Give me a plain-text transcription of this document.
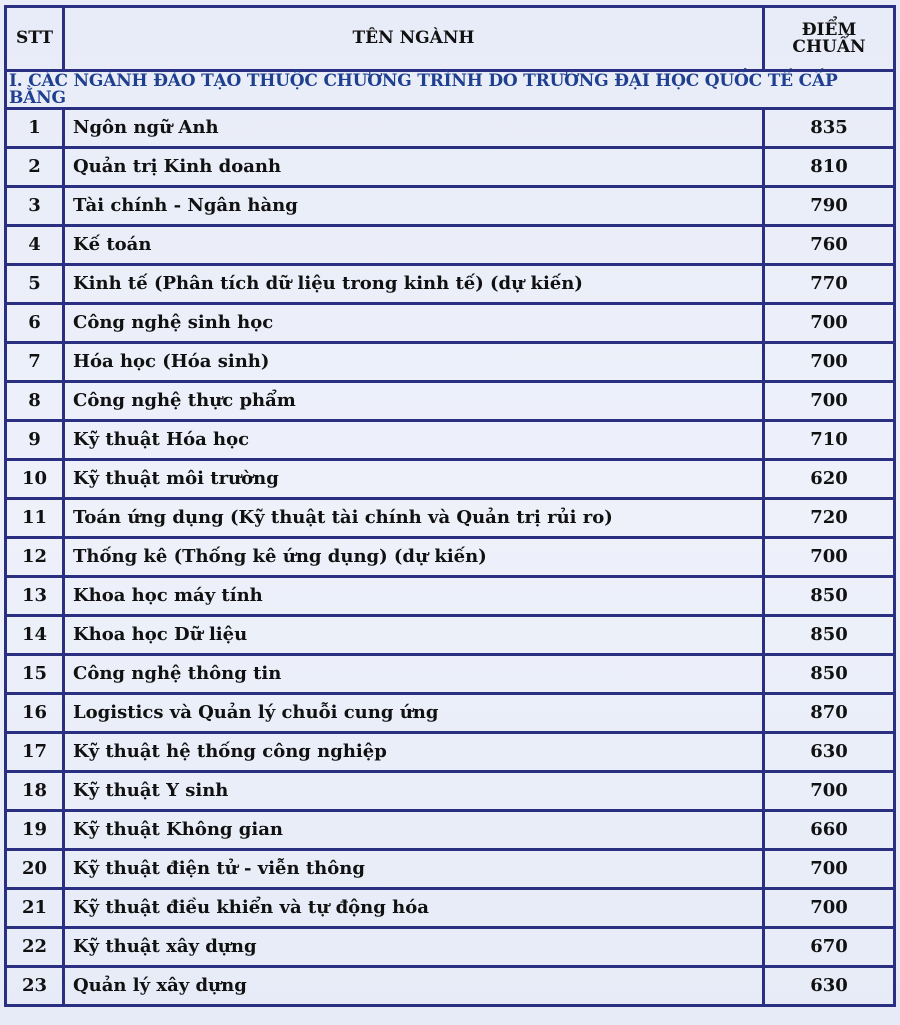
STT	TÊN NGÀNH	ĐIỂM CHUẨN
I. CÁC NGÀNH ĐÀO TẠO THUỘC CHƯƠNG TRÌNH DO TRƯỜNG ĐẠI HỌC QUỐC TẾ CẤP BẰNG		
1	Ngôn ngữ Anh	835
2	Quản trị Kinh doanh	810
3	Tài chính - Ngân hàng	790
4	Kế toán	760
5	Kinh tế (Phân tích dữ liệu trong kinh tế) (dự kiến)	770
6	Công nghệ sinh học	700
7	Hóa học (Hóa sinh)	700
8	Công nghệ thực phẩm	700
9	Kỹ thuật Hóa học	710
10	Kỹ thuật môi trường	620
11	Toán ứng dụng (Kỹ thuật tài chính và Quản trị rủi ro)	720
12	Thống kê (Thống kê ứng dụng) (dự kiến)	700
13	Khoa học máy tính	850
14	Khoa học Dữ liệu	850
15	Công nghệ thông tin	850
16	Logistics và Quản lý chuỗi cung ứng	870
17	Kỹ thuật hệ thống công nghiệp	630
18	Kỹ thuật Y sinh	700
19	Kỹ thuật Không gian	660
20	Kỹ thuật điện tử - viễn thông	700
21	Kỹ thuật điều khiển và tự động hóa	700
22	Kỹ thuật xây dựng	670
23	Quản lý xây dựng	630
